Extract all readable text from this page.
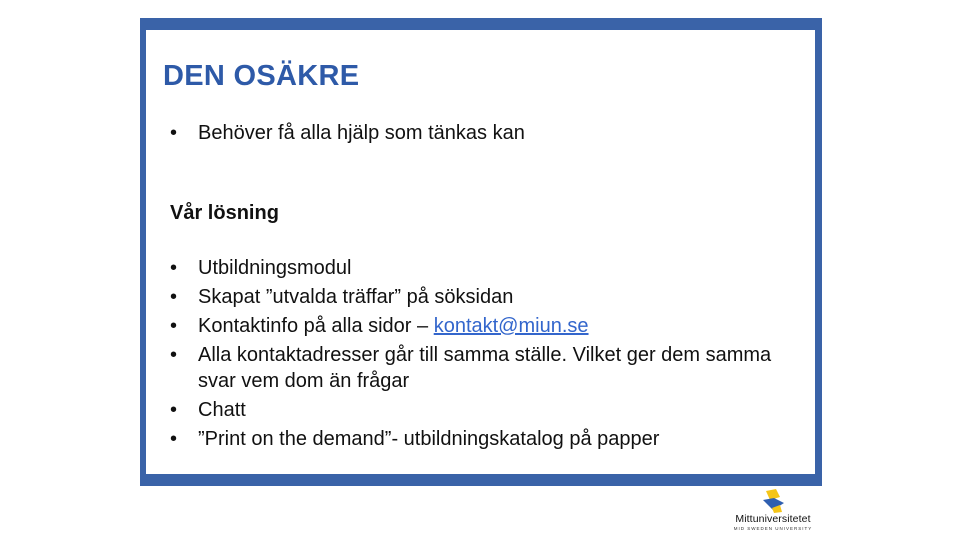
DEN OSÄKRE
• Behöver få alla hjälp som tänkas kan
Vår lösning
• Utbildningsmodul
• Skapat ”utvalda träffar” på söksidan
• Kontaktinfo på alla sidor – kontakt@miun.se
• Alla kontaktadresser går till samma ställe. Vilket ger dem samma svar vem dom än frågar
• Chatt
• ”Print on the demand”- utbildningskatalog på papper
Mittuniversitetet
MID SWEDEN UNIVERSITY
